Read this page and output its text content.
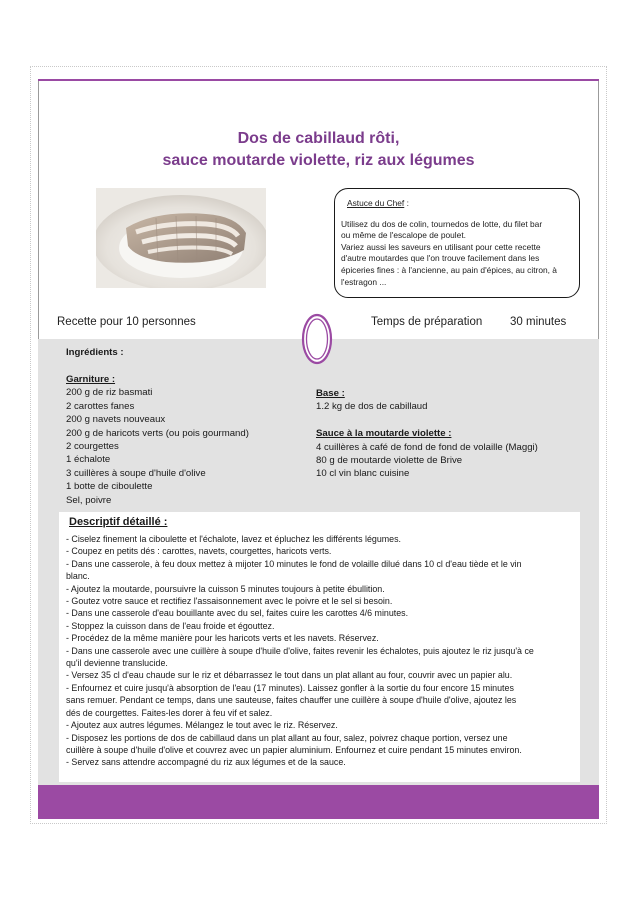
Dos de cabillaud rôti,
sauce moutarde violette, riz aux légumes
Astuce du Chef :
Utilisez du dos de colin, tournedos de lotte, du filet bar
ou même de l'escalope de poulet.
Variez aussi les saveurs en utilisant pour cette recette
d'autre moutardes que l'on trouve facilement dans les
épiceries fines : à l'ancienne, au pain d'épices, au citron, à
l'estragon ...
Recette pour 10 personnes	Temps de préparation 30 minutes
Ingrédients :
Garniture :
200 g de riz basmati
2 carottes fanes
200 g navets nouveaux
200 g de haricots verts (ou pois gourmand)
2 courgettes
1 échalote
3 cuillères à soupe d'huile d'olive
1 botte de ciboulette
Sel, poivre
Base :
1.2 kg de dos de cabillaud
Sauce à la moutarde violette :
4 cuillères à café de fond de fond de volaille (Maggi)
80 g de moutarde violette de Brive
10 cl vin blanc cuisine
Descriptif détaillé :
- Ciselez finement la ciboulette et l'échalote, lavez et épluchez les différents légumes.
- Coupez en petits dés : carottes, navets, courgettes, haricots verts.
- Dans une casserole, à feu doux mettez à mijoter 10 minutes le fond de volaille dilué dans 10 cl d'eau tiède et le vin
blanc.
- Ajoutez la moutarde, poursuivre la cuisson 5 minutes toujours à petite ébullition.
- Goutez votre sauce et rectifiez l'assaisonnement avec le poivre et le sel si besoin.
- Dans une casserole d'eau bouillante avec du sel, faites cuire les carottes 4/6 minutes.
- Stoppez la cuisson dans de l'eau froide et égouttez.
- Procédez de la même manière pour les haricots verts et les navets. Réservez.
- Dans une casserole avec une cuillère à soupe d'huile d'olive, faites revenir les échalotes, puis ajoutez le riz jusqu'à ce
qu'il devienne translucide.
- Versez 35 cl d'eau chaude sur le riz et débarrassez le tout dans un plat allant au four, couvrir avec un papier alu.
- Enfournez et cuire jusqu'à absorption de l'eau (17 minutes). Laissez gonfler à la sortie du four encore 15 minutes
sans remuer. Pendant ce temps, dans une sauteuse, faites chauffer une cuillère à soupe d'huile d'olive, ajoutez les
dés de courgettes. Faites-les dorer à feu vif et salez.
- Ajoutez aux autres légumes. Mélangez le tout avec le riz. Réservez.
- Disposez les portions de dos de cabillaud dans un plat allant au four, salez, poivrez chaque portion, versez une
cuillère à soupe d'huile d'olive et couvrez avec un papier aluminium. Enfournez et cuire pendant 15 minutes environ.
- Servez sans attendre accompagné du riz aux légumes et de la sauce.
